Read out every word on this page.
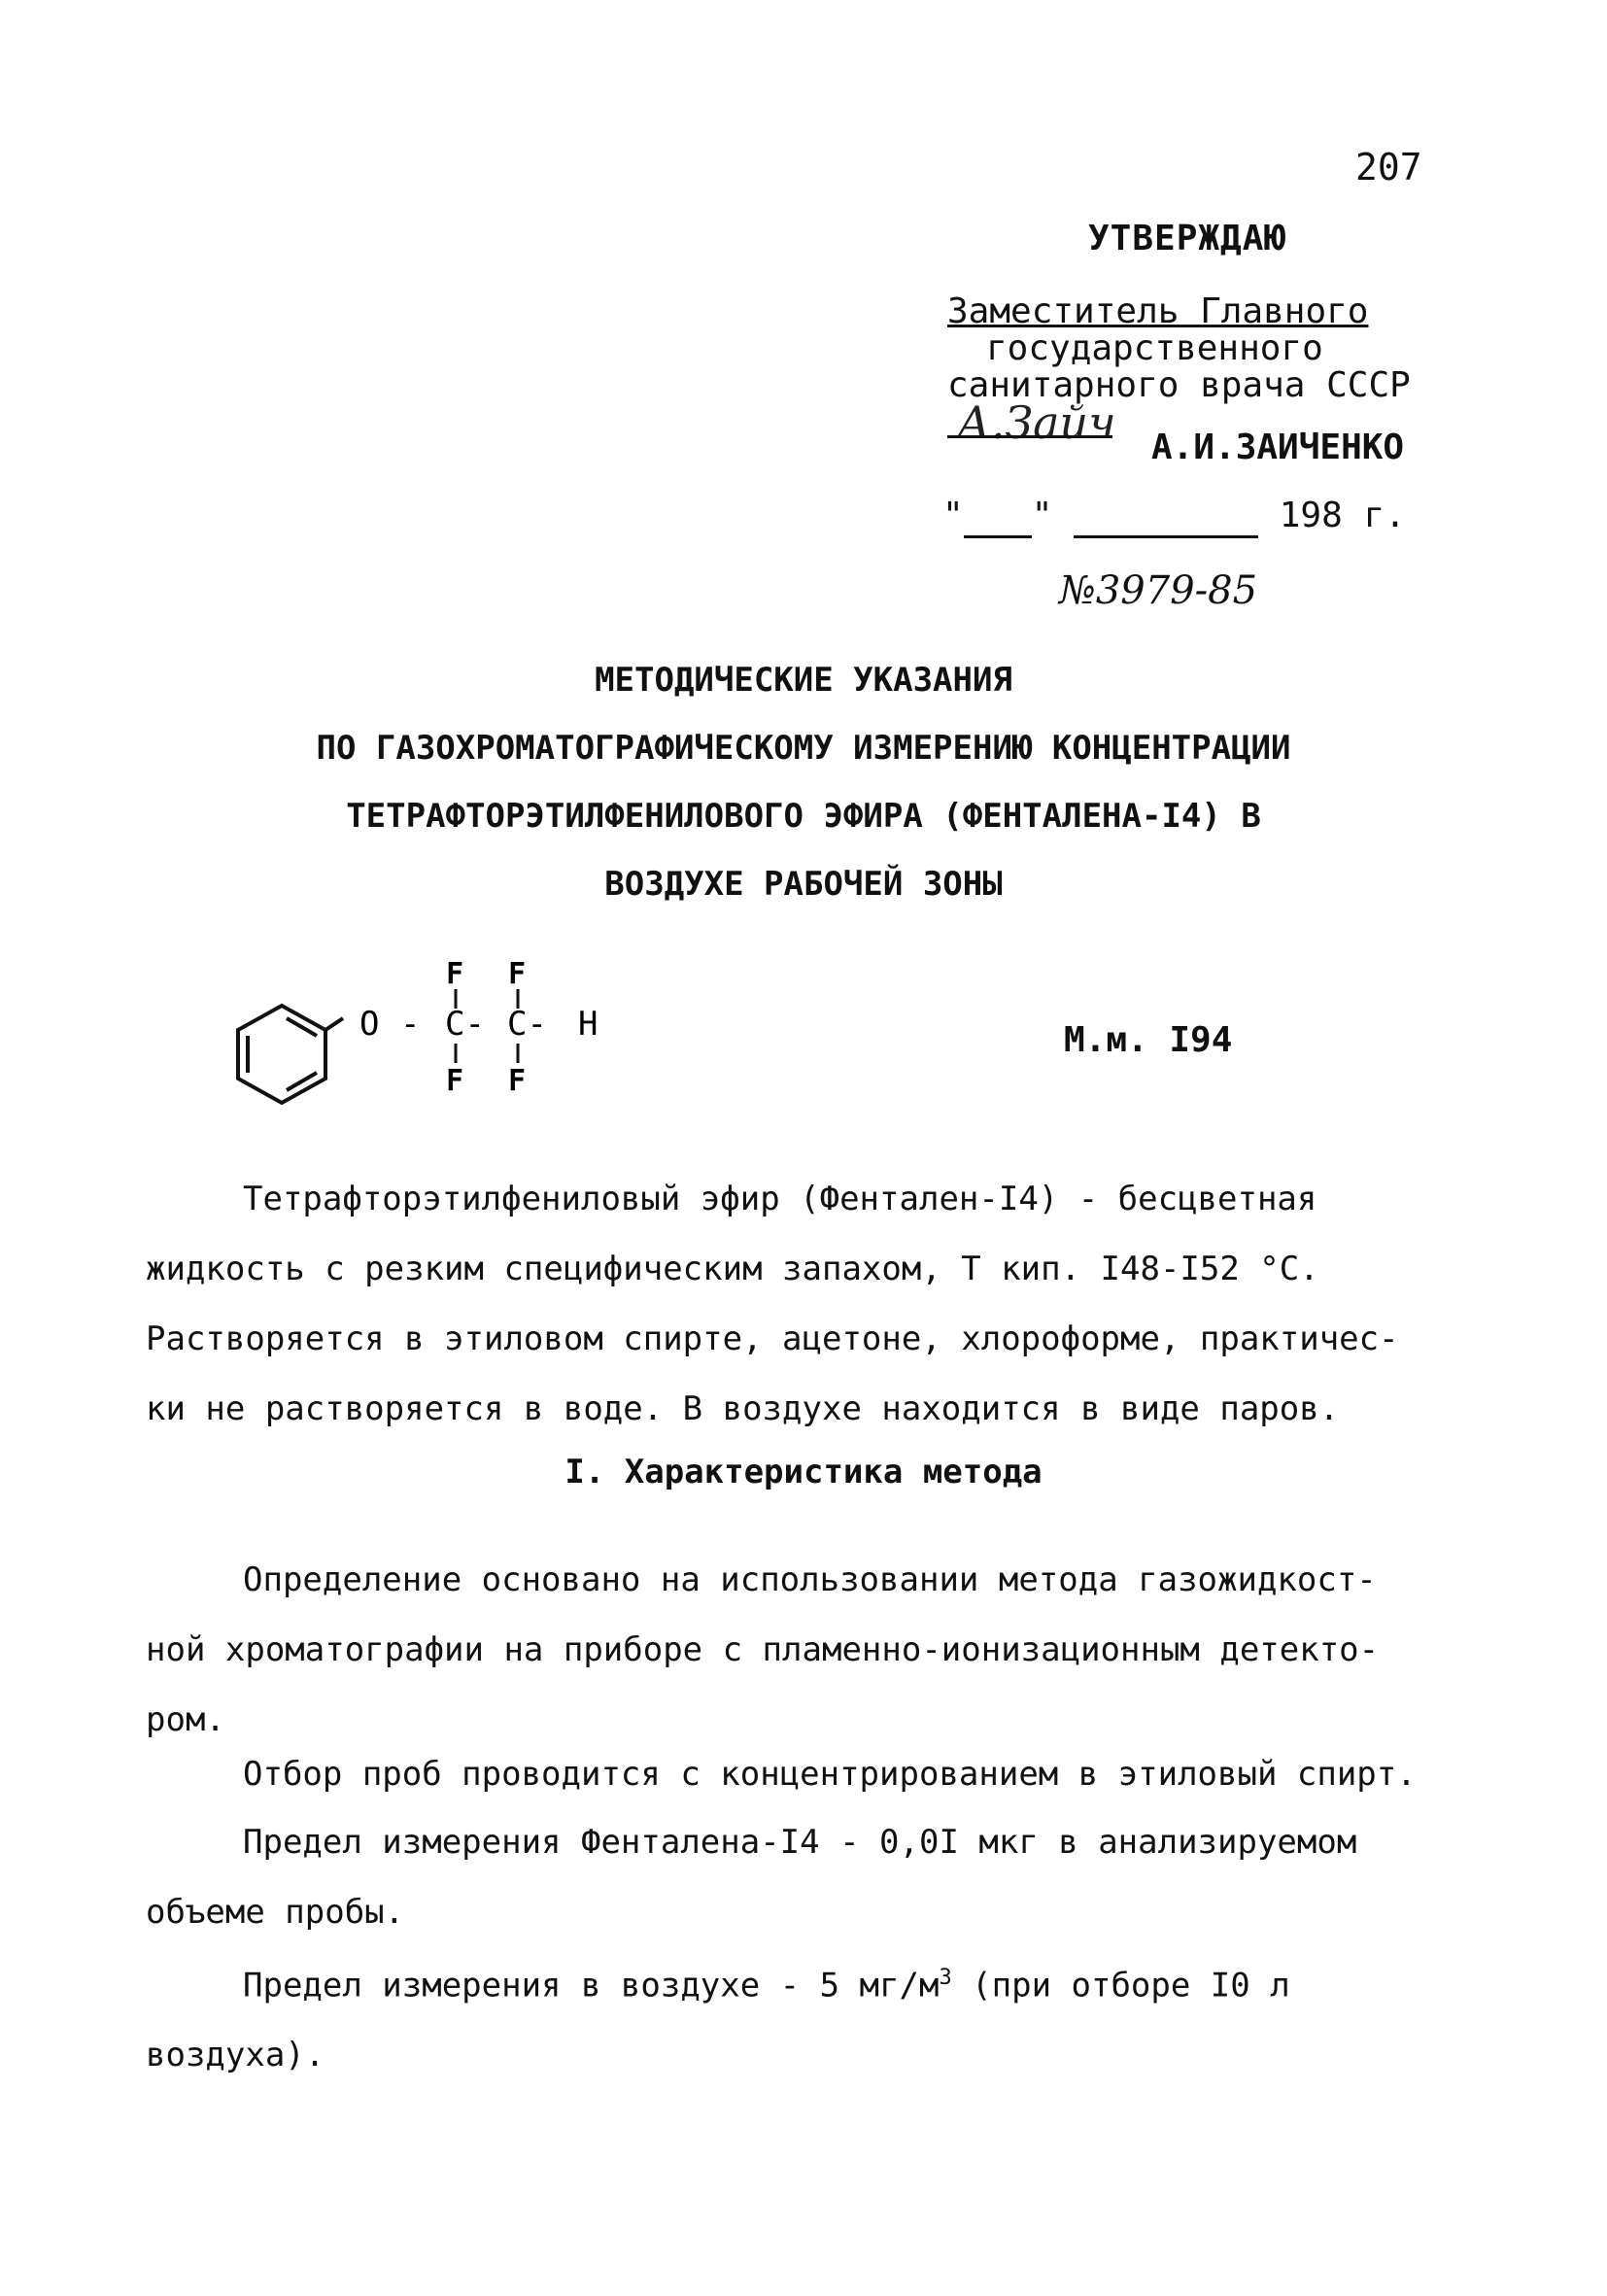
207
УТВЕРЖДАЮ
Заместитель Главного
государственного
санитарного врача СССР
А.Зайч А.И.ЗАИЧЕНКО
" "	198 г.
№3979-85
МЕТОДИЧЕСКИЕ УКАЗАНИЯ
ПО ГАЗОХРОМАТОГРАФИЧЕСКОМУ ИЗМЕРЕНИЮ КОНЦЕНТРАЦИИ
ТЕТРАФТОРЭТИЛФЕНИЛОВОГО ЭФИРА (ФЕНТАЛЕНА-I4) В
ВОЗДУХЕ РАБОЧЕЙ ЗОНЫ
O - C- C- H
F F
F F
М.м. I94
Тетрафторэтилфениловый эфир (Фенталeн-I4) - бесцветная
жидкость с резким специфическим запахом, Т кип. I48-I52 °С.
Растворяется в этиловом спирте, ацетоне, хлороформе, практичес-
ки не растворяется в воде. В воздухе находится в виде паров.
I. Характеристика метода
Определение основано на использовании метода газожидкост-
ной хроматографии на приборе с пламенно-ионизационным детекто-
ром.
Отбор проб проводится с концентрированием в этиловый спирт.
Предел измерения Фенталена-I4 - 0,0I мкг в анализируемом
объеме пробы.
Предел измерения в воздухе - 5 $мг/м^3$ (при отборе I0 л
воздуха).
